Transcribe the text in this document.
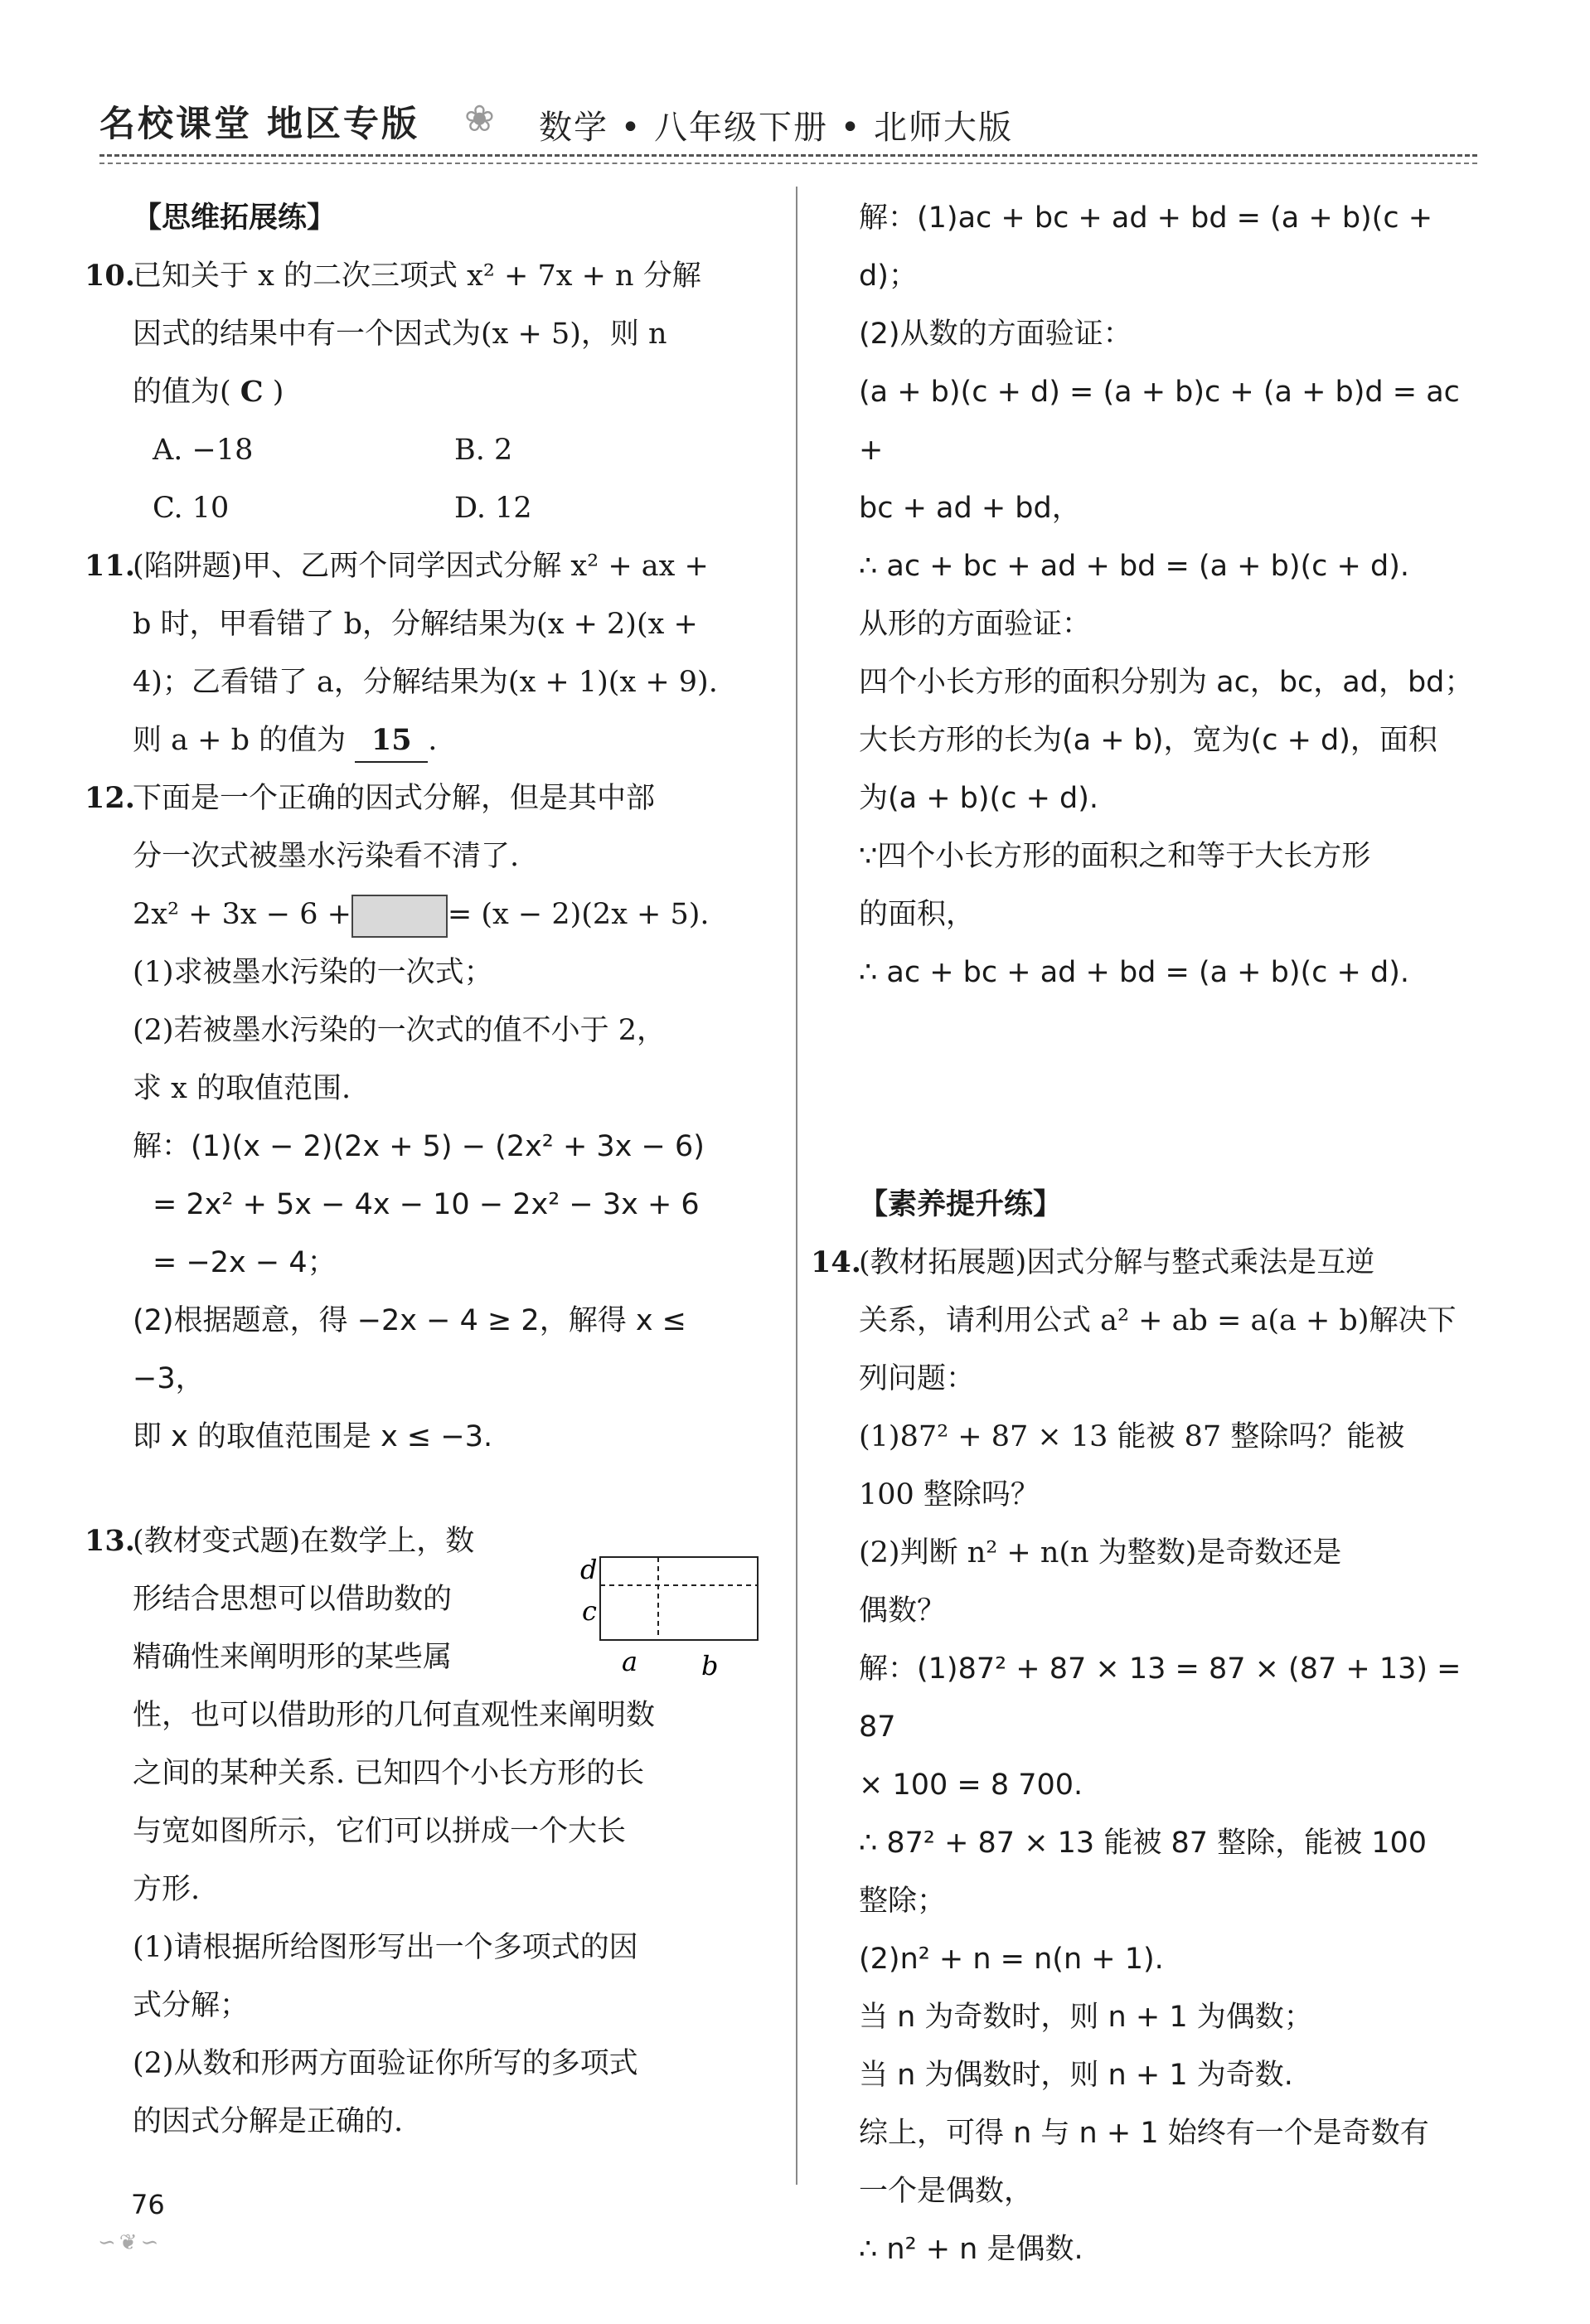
名校课堂 地区专版 ❀ 数学 • 八年级下册 • 北师大版

【思维拓展练】

10.已知关于 x 的二次三项式 x² + 7x + n 分解

因式的结果中有一个因式为(x + 5)，则 n

的值为( C )

A. −18	B. 2

C. 10	D. 12

11.(陷阱题)甲、乙两个同学因式分解 x² + ax +

b 时，甲看错了 b，分解结果为(x + 2)(x +

4)；乙看错了 a，分解结果为(x + 1)(x + 9).

则 a + b 的值为 15 .

12.下面是一个正确的因式分解，但是其中部

分一次式被墨水污染看不清了.

2x² + 3x − 6 +	= (x − 2)(2x + 5).

(1)求被墨水污染的一次式；

(2)若被墨水污染的一次式的值不小于 2，

求 x 的取值范围.

解：(1)(x − 2)(2x + 5) − (2x² + 3x − 6)

= 2x² + 5x − 4x − 10 − 2x² − 3x + 6

= −2x − 4；

(2)根据题意，得 −2x − 4 ≥ 2，解得 x ≤

−3，

即 x 的取值范围是 x ≤ −3.

13.(教材变式题)在数学上，数

形结合思想可以借助数的

精确性来阐明形的某些属

性，也可以借助形的几何直观性来阐明数

之间的某种关系. 已知四个小长方形的长

与宽如图所示，它们可以拼成一个大长

方形.

(1)请根据所给图形写出一个多项式的因

式分解；

(2)从数和形两方面验证你所写的多项式

的因式分解是正确的.

d
c
a b

解：(1)ac + bc + ad + bd = (a + b)(c + d)；

(2)从数的方面验证：

(a + b)(c + d) = (a + b)c + (a + b)d = ac +

bc + ad + bd，

∴ ac + bc + ad + bd = (a + b)(c + d).

从形的方面验证：

四个小长方形的面积分别为 ac，bc，ad，bd；

大长方形的长为(a + b)，宽为(c + d)，面积

为(a + b)(c + d).

∵四个小长方形的面积之和等于大长方形

的面积，

∴ ac + bc + ad + bd = (a + b)(c + d).

【素养提升练】

14.(教材拓展题)因式分解与整式乘法是互逆

关系，请利用公式 a² + ab = a(a + b)解决下

列问题：

(1)87² + 87 × 13 能被 87 整除吗？能被

100 整除吗？

(2)判断 n² + n(n 为整数)是奇数还是

偶数？

解：(1)87² + 87 × 13 = 87 × (87 + 13) = 87

× 100 = 8 700.

∴ 87² + 87 × 13 能被 87 整除，能被 100

整除；

(2)n² + n = n(n + 1).

当 n 为奇数时，则 n + 1 为偶数；

当 n 为偶数时，则 n + 1 为奇数.

综上，可得 n 与 n + 1 始终有一个是奇数有

一个是偶数，

∴ n² + n 是偶数.

76
∽❦∽
